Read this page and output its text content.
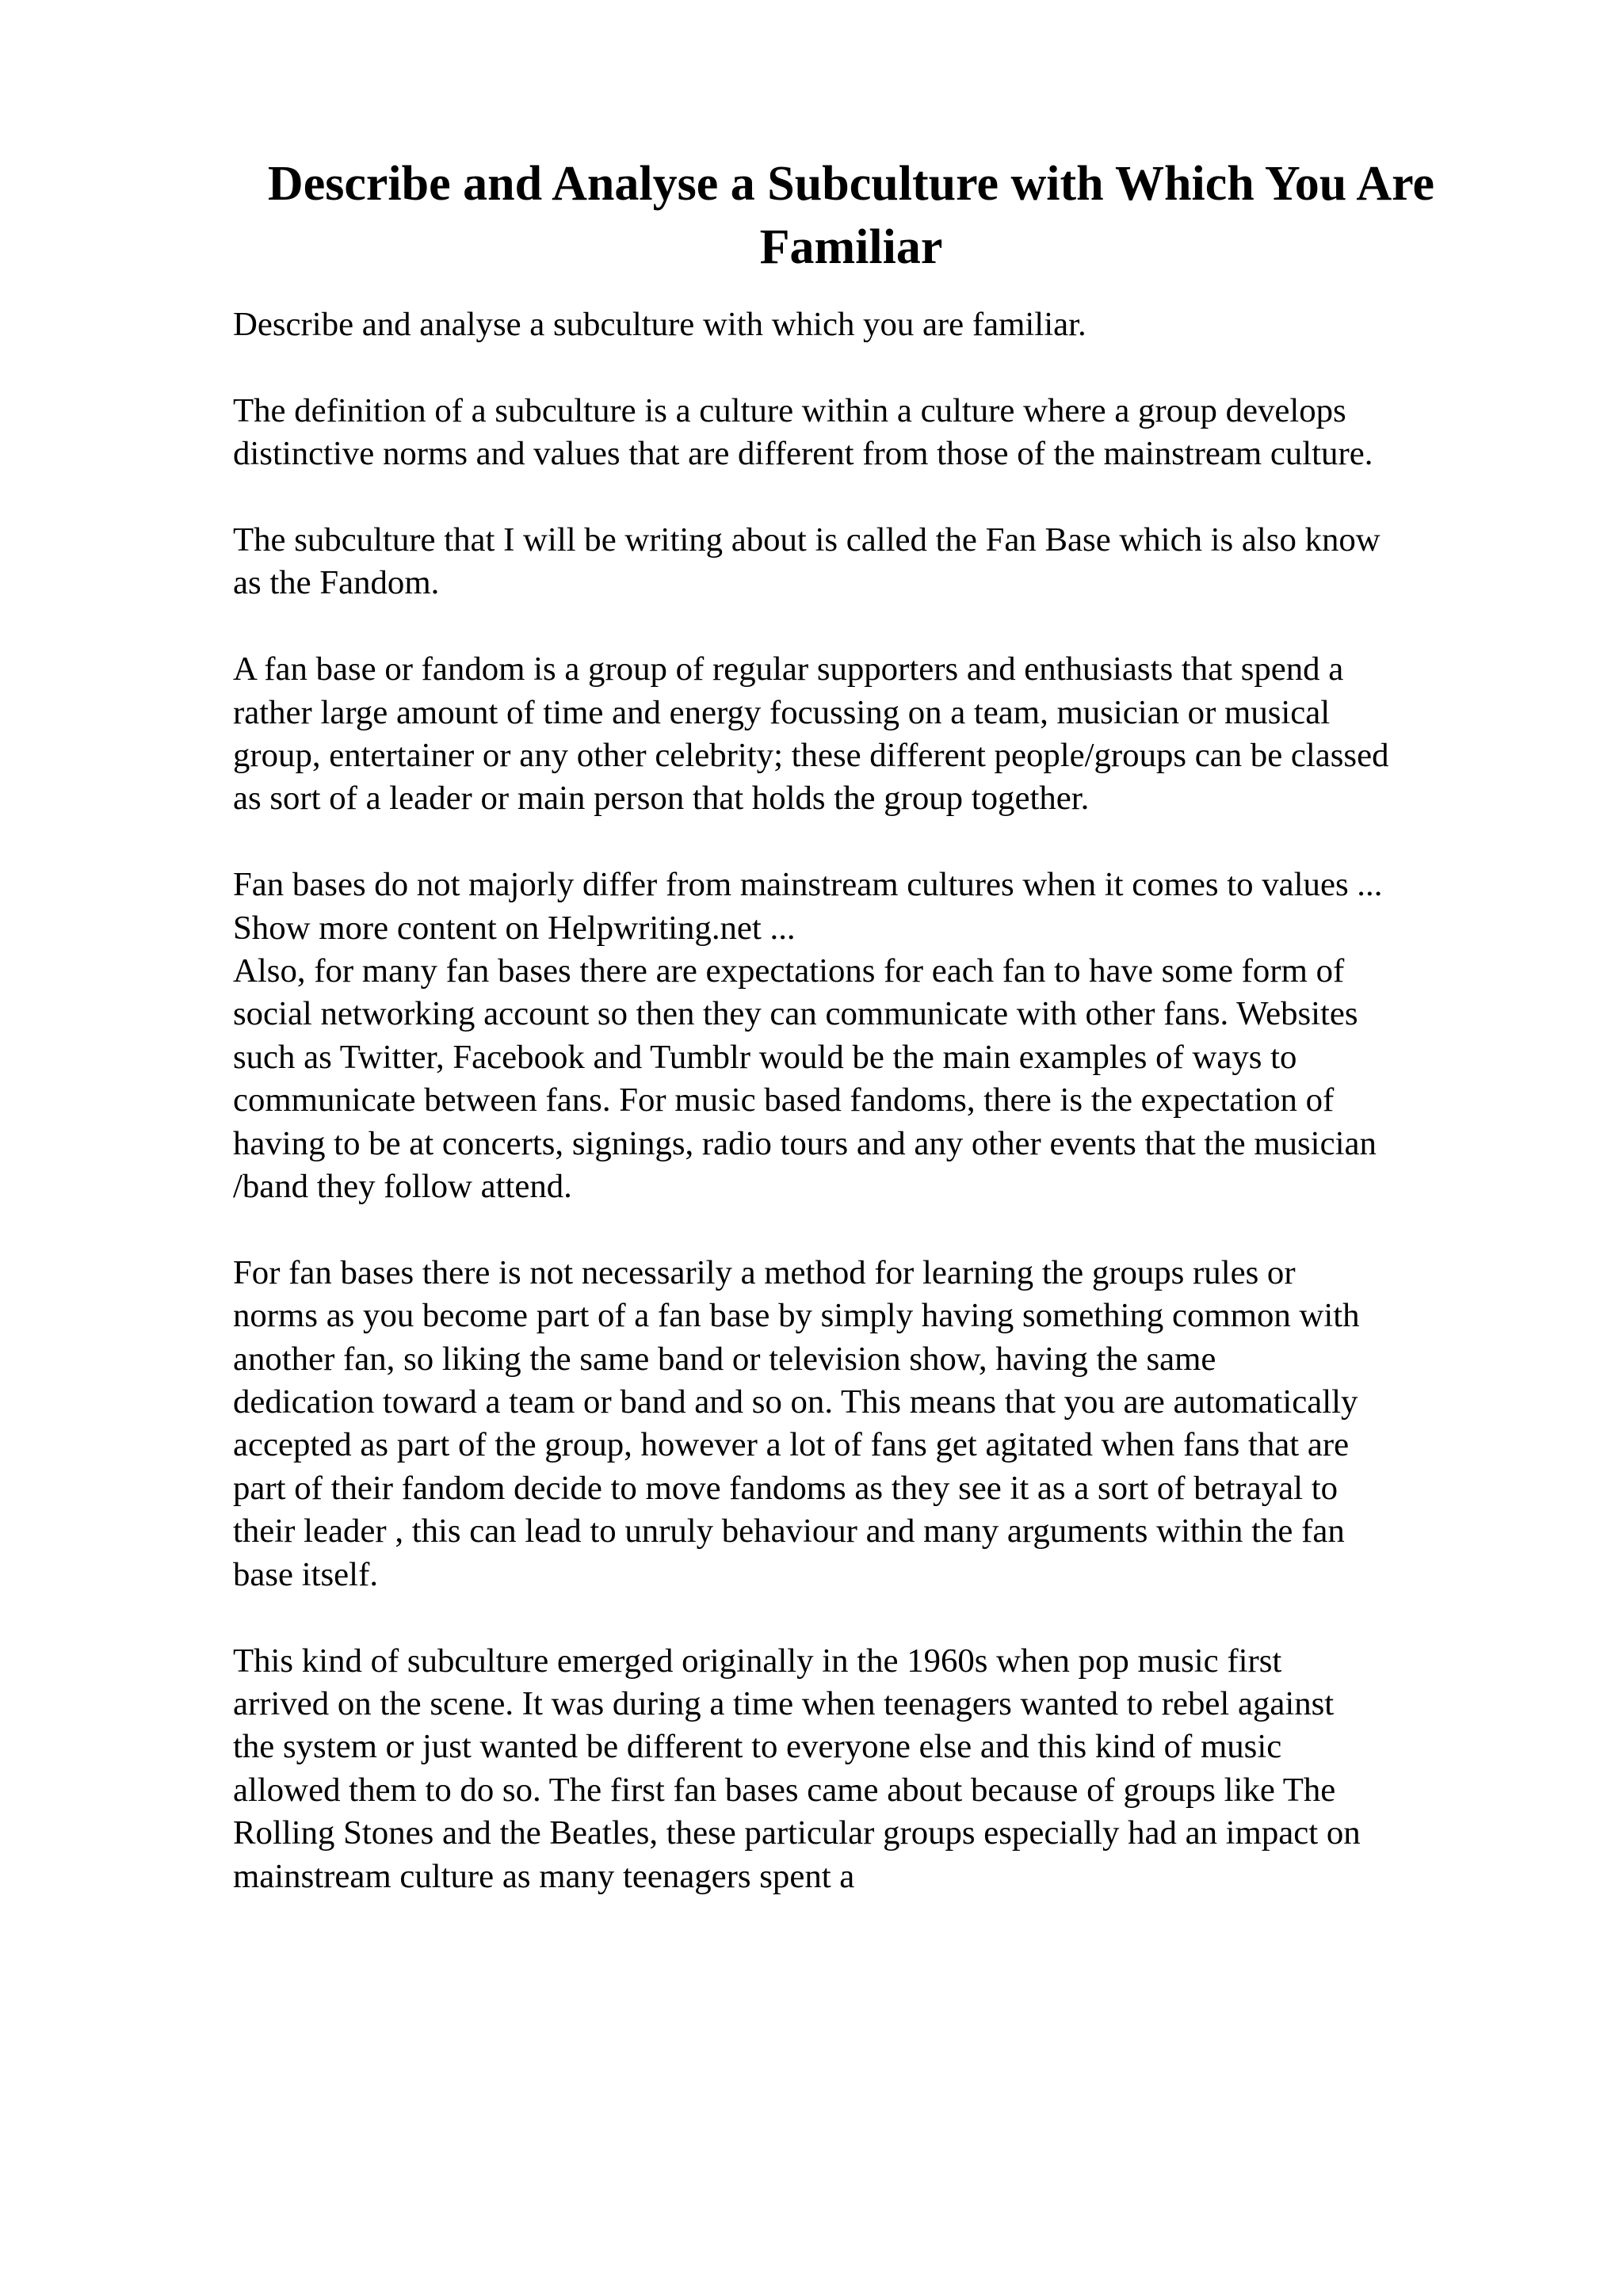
Describe and Analyse a Subculture with Which You Are
Familiar

Describe and analyse a subculture with which you are familiar.

The definition of a subculture is a culture within a culture where a group develops
distinctive norms and values that are different from those of the mainstream culture.

The subculture that I will be writing about is called the Fan Base which is also know
as the Fandom.

A fan base or fandom is a group of regular supporters and enthusiasts that spend a
rather large amount of time and energy focussing on a team, musician or musical
group, entertainer or any other celebrity; these different people/groups can be classed
as sort of a leader or main person that holds the group together.

Fan bases do not majorly differ from mainstream cultures when it comes to values ...
Show more content on Helpwriting.net ...

Also, for many fan bases there are expectations for each fan to have some form of
social networking account so then they can communicate with other fans. Websites
such as Twitter, Facebook and Tumblr would be the main examples of ways to
communicate between fans. For music based fandoms, there is the expectation of
having to be at concerts, signings, radio tours and any other events that the musician
/band they follow attend.

For fan bases there is not necessarily a method for learning the groups rules or
norms as you become part of a fan base by simply having something common with
another fan, so liking the same band or television show, having the same
dedication toward a team or band and so on. This means that you are automatically
accepted as part of the group, however a lot of fans get agitated when fans that are
part of their fandom decide to move fandoms as they see it as a sort of betrayal to
their leader , this can lead to unruly behaviour and many arguments within the fan
base itself.

This kind of subculture emerged originally in the 1960s when pop music first
arrived on the scene. It was during a time when teenagers wanted to rebel against
the system or just wanted be different to everyone else and this kind of music
allowed them to do so. The first fan bases came about because of groups like The
Rolling Stones and the Beatles, these particular groups especially had an impact on
mainstream culture as many teenagers spent a
